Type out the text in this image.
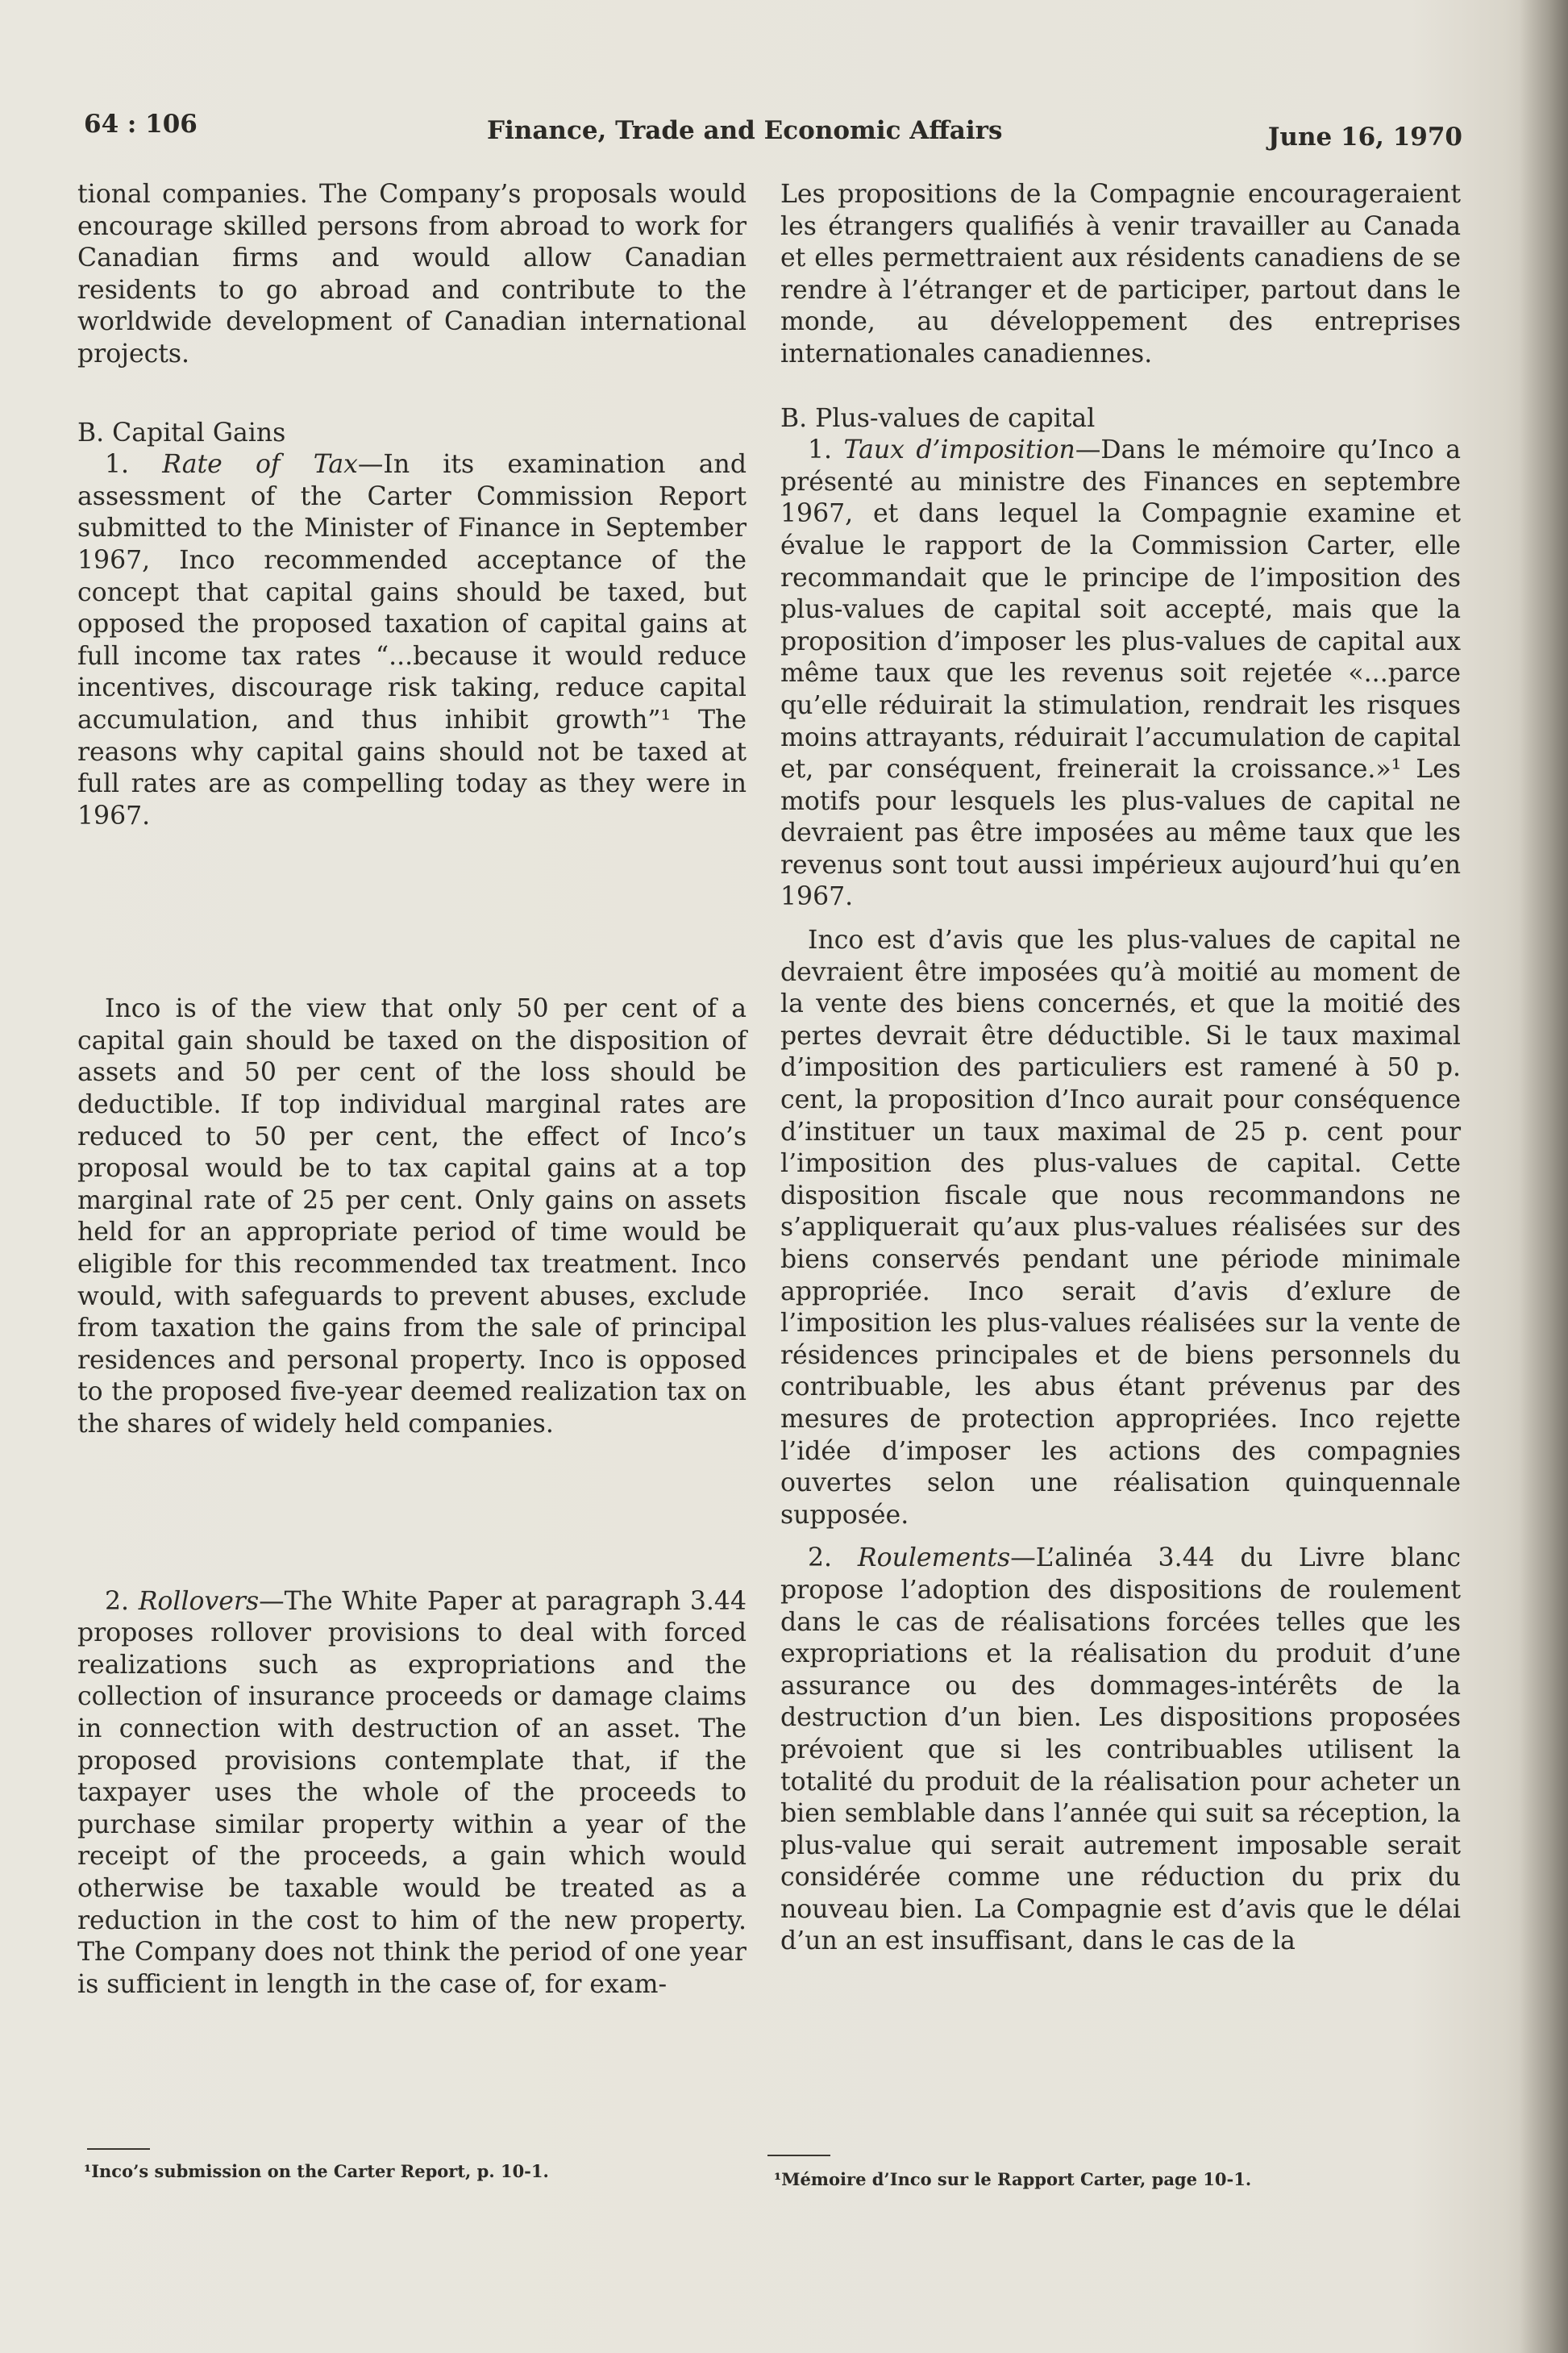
64 : 106	Finance, Trade and Economic Affairs	June 16, 1970

tional companies. The Company’s proposals would encourage skilled persons from abroad to work for Canadian firms and would allow Canadian residents to go abroad and contribute to the worldwide development of Canadian international projects.

B. Capital Gains

1. Rate of Tax—In its examination and assessment of the Carter Commission Report submitted to the Minister of Finance in September 1967, Inco recommended acceptance of the concept that capital gains should be taxed, but opposed the proposed taxation of capital gains at full income tax rates “...because it would reduce incentives, discourage risk taking, reduce capital accumulation, and thus inhibit growth”¹ The reasons why capital gains should not be taxed at full rates are as compelling today as they were in 1967.

Inco is of the view that only 50 per cent of a capital gain should be taxed on the disposition of assets and 50 per cent of the loss should be deductible. If top individual marginal rates are reduced to 50 per cent, the effect of Inco’s proposal would be to tax capital gains at a top marginal rate of 25 per cent. Only gains on assets held for an appropriate period of time would be eligible for this recommended tax treatment. Inco would, with safeguards to prevent abuses, exclude from taxation the gains from the sale of principal residences and personal property. Inco is opposed to the proposed five-year deemed realization tax on the shares of widely held companies.

2. Rollovers—The White Paper at paragraph 3.44 proposes rollover provisions to deal with forced realizations such as expropriations and the collection of insurance proceeds or damage claims in connection with destruction of an asset. The proposed provisions contemplate that, if the taxpayer uses the whole of the proceeds to purchase similar property within a year of the receipt of the proceeds, a gain which would otherwise be taxable would be treated as a reduction in the cost to him of the new property. The Company does not think the period of one year is sufficient in length in the case of, for exam-

Les propositions de la Compagnie encourageraient les étrangers qualifiés à venir travailler au Canada et elles permettraient aux résidents canadiens de se rendre à l’étranger et de participer, partout dans le monde, au développement des entreprises internationales canadiennes.

B. Plus-values de capital

1. Taux d’imposition—Dans le mémoire qu’Inco a présenté au ministre des Finances en septembre 1967, et dans lequel la Compagnie examine et évalue le rapport de la Commission Carter, elle recommandait que le principe de l’imposition des plus-values de capital soit accepté, mais que la proposition d’imposer les plus-values de capital aux même taux que les revenus soit rejetée «...parce qu’elle réduirait la stimulation, rendrait les risques moins attrayants, réduirait l’accumulation de capital et, par conséquent, freinerait la croissance.»¹ Les motifs pour lesquels les plus-values de capital ne devraient pas être imposées au même taux que les revenus sont tout aussi impérieux aujourd’hui qu’en 1967.

Inco est d’avis que les plus-values de capital ne devraient être imposées qu’à moitié au moment de la vente des biens concernés, et que la moitié des pertes devrait être déductible. Si le taux maximal d’imposition des particuliers est ramené à 50 p. cent, la proposition d’Inco aurait pour conséquence d’instituer un taux maximal de 25 p. cent pour l’imposition des plus-values de capital. Cette disposition fiscale que nous recommandons ne s’appliquerait qu’aux plus-values réalisées sur des biens conservés pendant une période minimale appropriée. Inco serait d’avis d’exlure de l’imposition les plus-values réalisées sur la vente de résidences principales et de biens personnels du contribuable, les abus étant prévenus par des mesures de protection appropriées. Inco rejette l’idée d’imposer les actions des compagnies ouvertes selon une réalisation quinquennale supposée.

2. Roulements—L’alinéa 3.44 du Livre blanc propose l’adoption des dispositions de roulement dans le cas de réalisations forcées telles que les expropriations et la réalisation du produit d’une assurance ou des dommages-intérêts de la destruction d’un bien. Les dispositions proposées prévoient que si les contribuables utilisent la totalité du produit de la réalisation pour acheter un bien semblable dans l’année qui suit sa réception, la plus-value qui serait autrement imposable serait considérée comme une réduction du prix du nouveau bien. La Compagnie est d’avis que le délai d’un an est insuffisant, dans le cas de la

¹Inco’s submission on the Carter Report, p. 10-1.	¹Mémoire d’Inco sur le Rapport Carter, page 10-1.
